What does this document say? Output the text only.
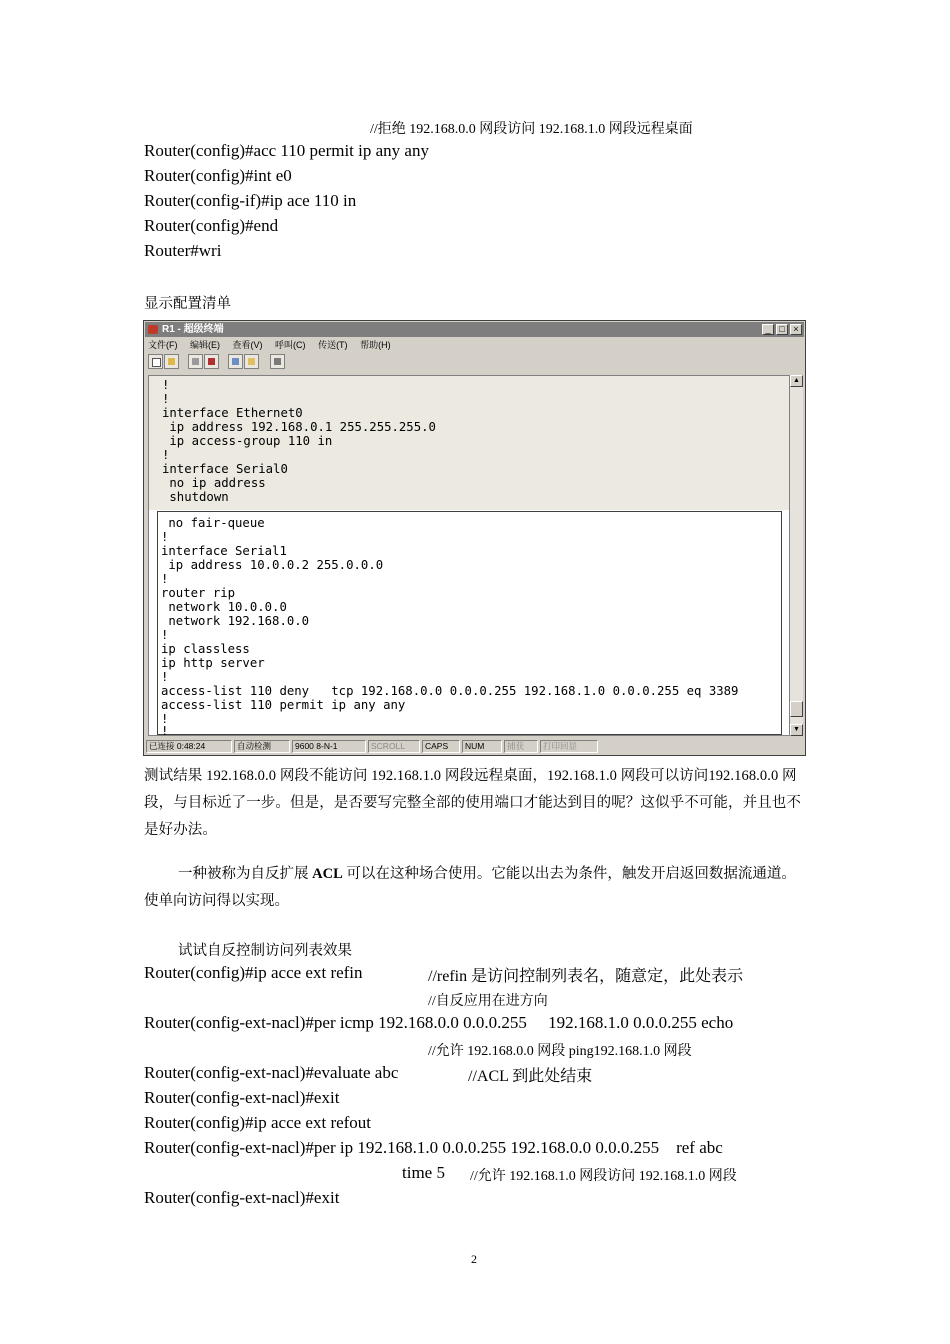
//拒绝 192.168.0.0 网段访问 192.168.1.0 网段远程桌面
Router(config)#acc 110 permit ip any any
Router(config)#int e0
Router(config-if)#ip ace 110 in
Router(config)#end
Router#wri
显示配置清单
R1 - 超级终端	_ □ ×
文件(F) 编辑(E) 查看(V) 呼叫(C) 传送(T) 帮助(H)
!
!
interface Ethernet0
ip address 192.168.0.1 255.255.255.0
ip access-group 110 in
!
interface Serial0
no ip address
shutdown
no fair-queue
!
interface Serial1
ip address 10.0.0.2 255.0.0.0
!
router rip
network 10.0.0.0
network 192.168.0.0
!
ip classless
ip http server
!
access-list 110 deny   tcp 192.168.0.0 0.0.0.255 192.168.1.0 0.0.0.255 eq 3389
access-list 110 permit ip any any
!
!
▲
▼
已连接 0:48:24	自动检测	9600 8-N-1	SCROLL	CAPS	NUM	捕获	打印回显
测试结果 192.168.0.0 网段不能访问 192.168.1.0 网段远程桌面，192.168.1.0 网段可以访问192.168.0.0 网段，与目标近了一步。但是，是否要写完整全部的使用端口才能达到目的呢？这似乎不可能，并且也不是好办法。
一种被称为自反扩展 ACL 可以在这种场合使用。它能以出去为条件，触发开启返回数据流通道。使单向访问得以实现。
试试自反控制访问列表效果
Router(config)#ip acce ext refin	//refin 是访问控制列表名，随意定，此处表示
//自反应用在进方向
Router(config-ext-nacl)#per icmp 192.168.0.0 0.0.0.255     192.168.1.0 0.0.0.255 echo
//允许 192.168.0.0 网段 ping192.168.1.0 网段
Router(config-ext-nacl)#evaluate abc	//ACL 到此处结束
Router(config-ext-nacl)#exit
Router(config)#ip acce ext refout
Router(config-ext-nacl)#per ip 192.168.1.0 0.0.0.255 192.168.0.0 0.0.0.255    ref abc
time 5 //允许 192.168.1.0 网段访问 192.168.1.0 网段
Router(config-ext-nacl)#exit
2
